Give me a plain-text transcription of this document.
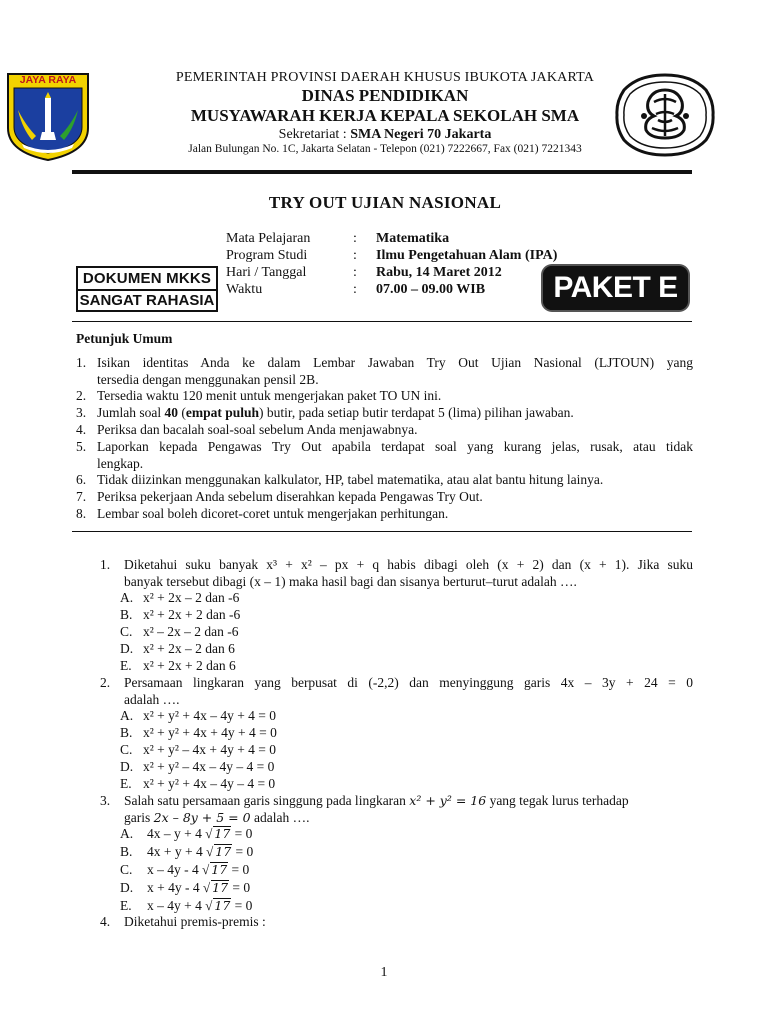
JAYA RAYA	PEMERINTAH PROVINSI DAERAH KHUSUS IBUKOTA JAKARTA
DINAS PENDIDIKAN
MUSYAWARAH KERJA KEPALA SEKOLAH SMA
Sekretariat : SMA Negeri 70 Jakarta
Jalan Bulungan No. 1C, Jakarta Selatan - Telepon (021) 7222667, Fax (021) 7221343
TRY OUT UJIAN NASIONAL
Mata Pelajaran	: Matematika
Program Studi	: Ilmu Pengetahuan Alam (IPA)
Hari / Tanggal	: Rabu, 14 Maret 2012
Waktu	: 07.00 – 09.00 WIB
DOKUMEN MKKS
SANGAT RAHASIA	PAKET E
Petunjuk Umum
1. Isikan identitas Anda ke dalam Lembar Jawaban Try Out Ujian Nasional (LJTOUN) yang
tersedia dengan menggunakan pensil 2B.
2. Tersedia waktu 120 menit untuk mengerjakan paket TO UN ini.
3. Jumlah soal 40 (empat puluh) butir, pada setiap butir terdapat 5 (lima) pilihan jawaban.
4. Periksa dan bacalah soal-soal sebelum Anda menjawabnya.
5. Laporkan kepada Pengawas Try Out apabila terdapat soal yang kurang jelas, rusak, atau tidak
lengkap.
6. Tidak diizinkan menggunakan kalkulator, HP, tabel matematika, atau alat bantu hitung lainya.
7. Periksa pekerjaan Anda sebelum diserahkan kepada Pengawas Try Out.
8. Lembar soal boleh dicoret-coret untuk mengerjakan perhitungan.
1. Diketahui suku banyak x³ + x² – px + q habis dibagi oleh (x + 2) dan (x + 1). Jika suku
banyak tersebut dibagi (x – 1) maka hasil bagi dan sisanya berturut–turut adalah ….
A. x² + 2x – 2 dan -6
B. x² + 2x + 2 dan -6
C. x² – 2x – 2 dan -6
D. x² + 2x – 2 dan 6
E. x² + 2x + 2 dan 6
2. Persamaan lingkaran yang berpusat di (-2,2) dan menyinggung garis 4x – 3y + 24 = 0
adalah ….
A. x² + y² + 4x – 4y + 4 = 0
B. x² + y² + 4x + 4y + 4 = 0
C. x² + y² – 4x + 4y + 4 = 0
D. x² + y² – 4x – 4y – 4 = 0
E. x² + y² + 4x – 4y – 4 = 0
3. Salah satu persamaan garis singgung pada lingkaran x² + y² = 16 yang tegak lurus terhadap
garis 2x – 8y + 5 = 0 adalah ….
A. 4x – y + 4 √ 17 = 0
B. 4x + y + 4 √ 17 = 0
C. x – 4y - 4 √ 17 = 0
D. x + 4y - 4 √ 17 = 0
E. x – 4y + 4 √ 17 = 0
4. Diketahui premis-premis :
1
